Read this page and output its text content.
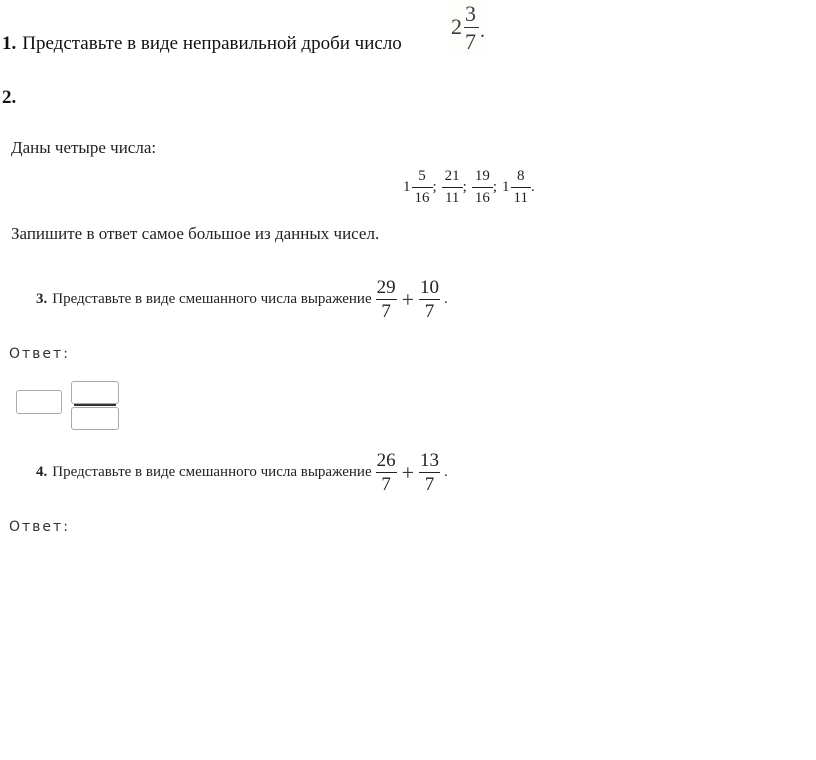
1. Представьте в виде неправильной дроби число
2
3
7 .
2.
Даны четыре числа:
$1 \frac{5}{16}$ ; $\frac{21}{11}$ ; $\frac{19}{16}$ ; $1 \frac{8}{11}$ .
Запишите в ответ самое большое из данных чисел.
3. Представьте в виде смешанного числа выражение $\frac{29}{7} + \frac{10}{7}$ .
Ответ:
4. Представьте в виде смешанного числа выражение $\frac{26}{7} + \frac{13}{7}$ .
Ответ:
